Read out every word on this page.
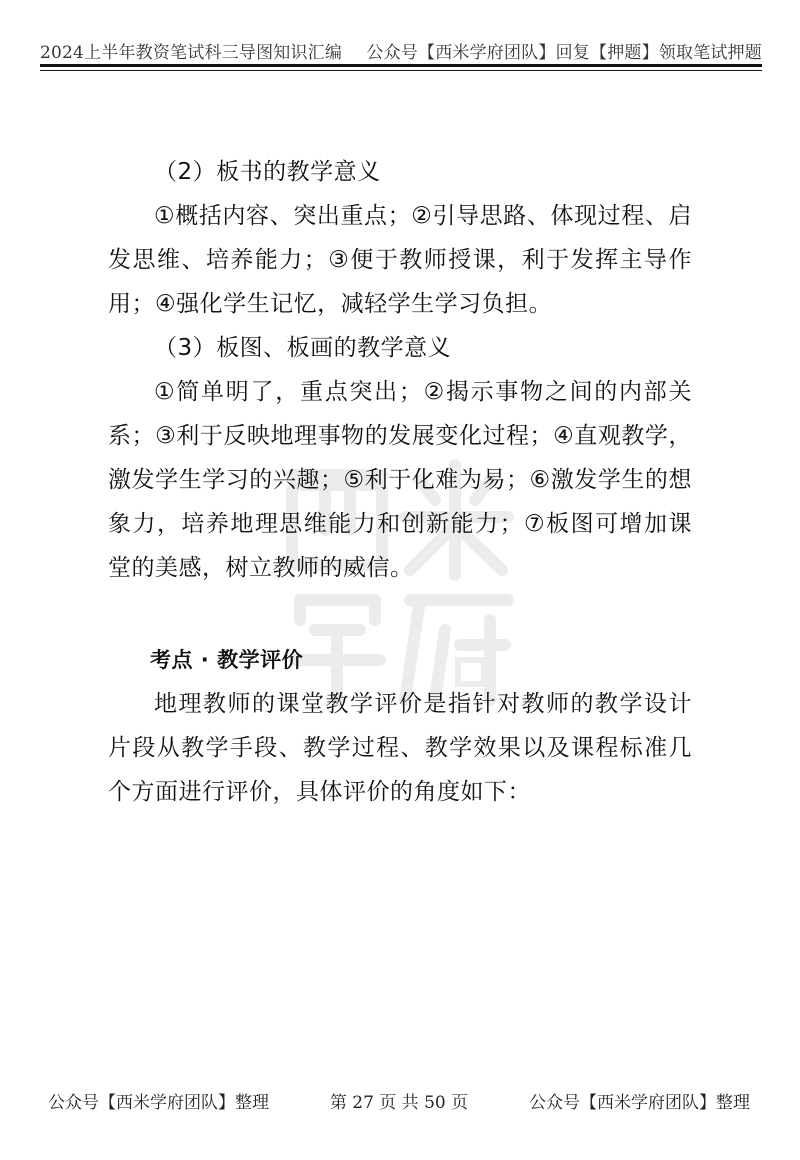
2024上半年教资笔试科三导图知识汇编 公众号【西米学府团队】回复【押题】领取笔试押题

（2）板书的教学意义

①概括内容、突出重点；②引导思路、体现过程、启发思维、培养能力；③便于教师授课，利于发挥主导作用；④强化学生记忆，减轻学生学习负担。

（3）板图、板画的教学意义

①简单明了，重点突出；②揭示事物之间的内部关系；③利于反映地理事物的发展变化过程；④直观教学，激发学生学习的兴趣；⑤利于化难为易；⑥激发学生的想象力，培养地理思维能力和创新能力；⑦板图可增加课堂的美感，树立教师的威信。

考点 · 教学评价

地理教师的课堂教学评价是指针对教师的教学设计片段从教学手段、教学过程、教学效果以及课程标准几个方面进行评价，具体评价的角度如下：

公众号【西米学府团队】整理	第 27 页 共 50 页	公众号【西米学府团队】整理
